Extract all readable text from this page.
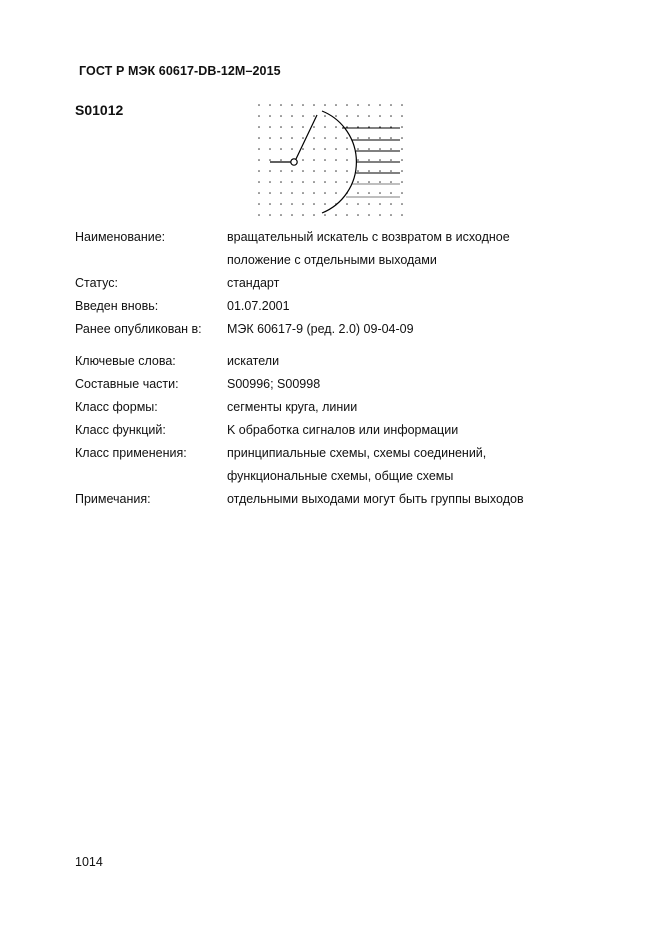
ГОСТ Р МЭК 60617-DB-12M–2015
S01012
Наименование:	вращательный искатель с возвратом в исходное
положение с отдельными выходами
Статус:	стандарт
Введен вновь:	01.07.2001
Ранее опубликован в:	МЭК 60617-9 (ред. 2.0) 09-04-09
Ключевые слова:	искатели
Составные части:	S00996; S00998
Класс формы:	сегменты круга, линии
Класс функций:	K обработка сигналов или информации
Класс применения:	принципиальные схемы, схемы соединений,
функциональные схемы, общие схемы
Примечания:	отдельными выходами могут быть группы выходов
1014
